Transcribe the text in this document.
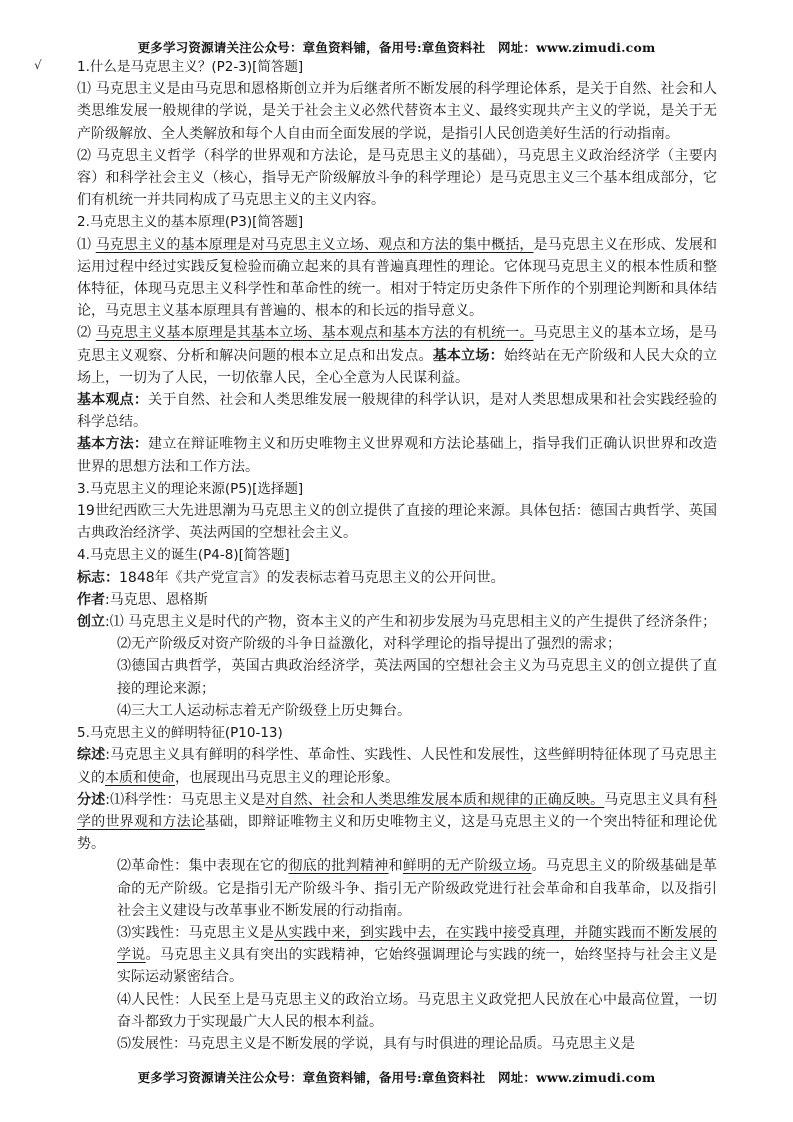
更多学习资源请关注公众号：章鱼资料铺，备用号:章鱼资料社　网址：www.zimudi.com
√	1.什么是马克思主义？(P2-3)[简答题]

⑴ 马克思主义是由马克思和恩格斯创立并为后继者所不断发展的科学理论体系，是关于自然、社会和人类思维发展一般规律的学说，是关于社会主义必然代替资本主义、最终实现共产主义的学说，是关于无产阶级解放、全人类解放和每个人自由而全面发展的学说，是指引人民创造美好生活的行动指南。

⑵ 马克思主义哲学（科学的世界观和方法论，是马克思主义的基础），马克思主义政治经济学（主要内容）和科学社会主义（核心，指导无产阶级解放斗争的科学理论）是马克思主义三个基本组成部分，它们有机统一并共同构成了马克思主义的主义内容。

2.马克思主义的基本原理(P3)[简答题]

⑴ 马克思主义的基本原理是对马克思主义立场、观点和方法的集中概括，是马克思主义在形成、发展和运用过程中经过实践反复检验而确立起来的具有普遍真理性的理论。它体现马克思主义的根本性质和整体特征，体现马克思主义科学性和革命性的统一。相对于特定历史条件下所作的个别理论判断和具体结论，马克思主义基本原理具有普遍的、根本的和长远的指导意义。

⑵ 马克思主义基本原理是其基本立场、基本观点和基本方法的有机统一。马克思主义的基本立场，是马克思主义观察、分析和解决问题的根本立足点和出发点。基本立场：始终站在无产阶级和人民大众的立场上，一切为了人民，一切依靠人民，全心全意为人民谋利益。

基本观点：关于自然、社会和人类思维发展一般规律的科学认识，是对人类思想成果和社会实践经验的科学总结。

基本方法：建立在辩证唯物主义和历史唯物主义世界观和方法论基础上，指导我们正确认识世界和改造世界的思想方法和工作方法。

3.马克思主义的理论来源(P5)[选择题]

19世纪西欧三大先进思潮为马克思主义的创立提供了直接的理论来源。具体包括：德国古典哲学、英国古典政治经济学、英法两国的空想社会主义。

4.马克思主义的诞生(P4-8)[简答题]

标志：1848年《共产党宣言》的发表标志着马克思主义的公开问世。

作者:马克思、恩格斯

创立:⑴ 马克思主义是时代的产物，资本主义的产生和初步发展为马克思相主义的产生提供了经济条件；

⑵无产阶级反对资产阶级的斗争日益激化，对科学理论的指导提出了强烈的需求；

⑶德国古典哲学，英国古典政治经济学，英法两国的空想社会主义为马克思主义的创立提供了直接的理论来源；

⑷三大工人运动标志着无产阶级登上历史舞台。

5.马克思主义的鲜明特征(P10-13)

综述:马克思主义具有鲜明的科学性、革命性、实践性、人民性和发展性，这些鲜明特征体现了马克思主义的本质和使命，也展现出马克思主义的理论形象。

分述:⑴科学性：马克思主义是对自然、社会和人类思维发展本质和规律的正确反映。马克思主义具有科学的世界观和方法论基础，即辩证唯物主义和历史唯物主义，这是马克思主义的一个突出特征和理论优势。

⑵革命性：集中表现在它的彻底的批判精神和鲜明的无产阶级立场。马克思主义的阶级基础是革命的无产阶级。它是指引无产阶级斗争、指引无产阶级政党进行社会革命和自我革命，以及指引社会主义建设与改革事业不断发展的行动指南。

⑶实践性：马克思主义是从实践中来，到实践中去，在实践中接受真理，并随实践而不断发展的学说。马克思主义具有突出的实践精神，它始终强调理论与实践的统一，始终坚持与社会主义是实际运动紧密结合。

⑷人民性：人民至上是马克思主义的政治立场。马克思主义政党把人民放在心中最高位置，一切奋斗都致力于实现最广大人民的根本利益。

⑸发展性：马克思主义是不断发展的学说，具有与时俱进的理论品质。马克思主义是

更多学习资源请关注公众号：章鱼资料铺，备用号:章鱼资料社　网址：www.zimudi.com
